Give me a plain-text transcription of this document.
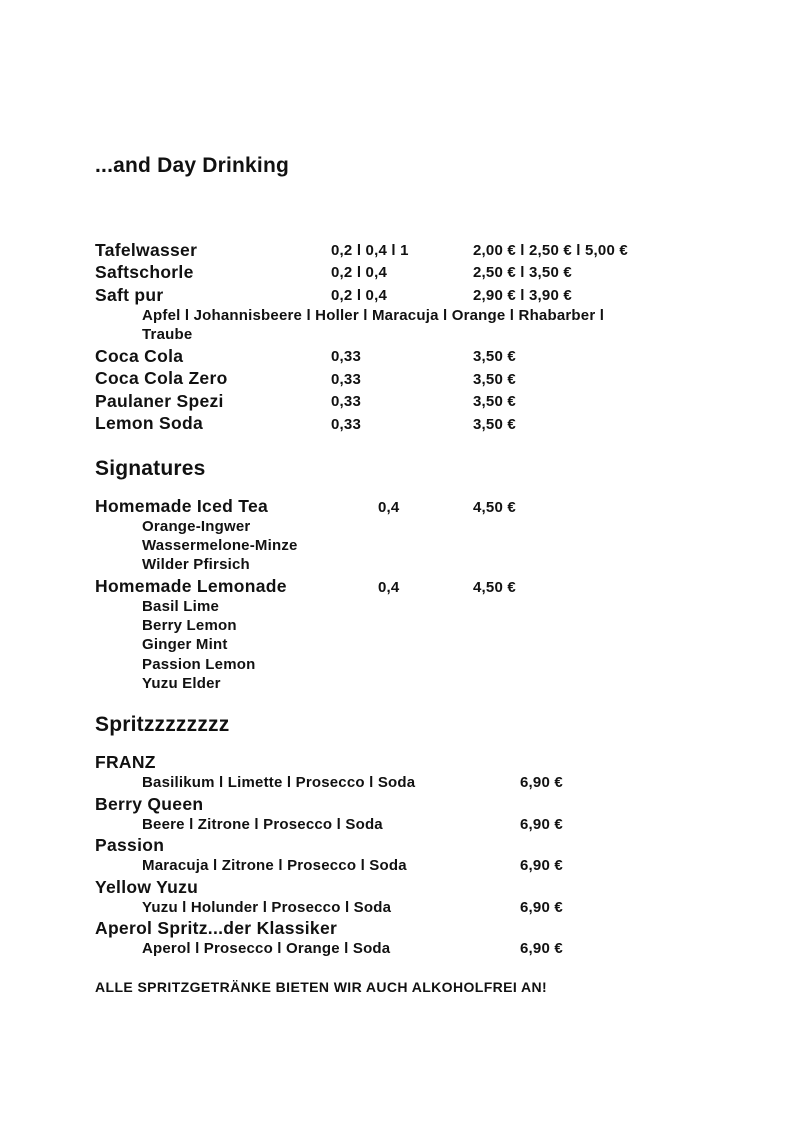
...and Day Drinking
Tafelwasser	0,2 l 0,4 l 1	2,00 € l 2,50 € l 5,00 €
Saftschorle	0,2 l 0,4	2,50 € l 3,50 €
Saft pur	0,2 l 0,4	2,90 € l 3,90 €
Apfel l Johannisbeere l Holler l Maracuja l Orange l Rhabarber l
Traube
Coca Cola	0,33	3,50 €
Coca Cola Zero	0,33	3,50 €
Paulaner Spezi	0,33	3,50 €
Lemon Soda	0,33	3,50 €
Signatures
Homemade Iced Tea	0,4	4,50 €
Orange-Ingwer
Wassermelone-Minze
Wilder Pfirsich
Homemade Lemonade	0,4	4,50 €
Basil Lime
Berry Lemon
Ginger Mint
Passion Lemon
Yuzu Elder
Spritzzzzzzzz
FRANZ
Basilikum l Limette l Prosecco l Soda	6,90 €
Berry Queen
Beere l Zitrone l Prosecco l Soda	6,90 €
Passion
Maracuja l Zitrone l Prosecco l Soda	6,90 €
Yellow Yuzu
Yuzu l Holunder l Prosecco l Soda	6,90 €
Aperol Spritz...der Klassiker
Aperol l Prosecco l Orange l Soda	6,90 €
ALLE SPRITZGETRÄNKE BIETEN WIR AUCH ALKOHOLFREI AN!
